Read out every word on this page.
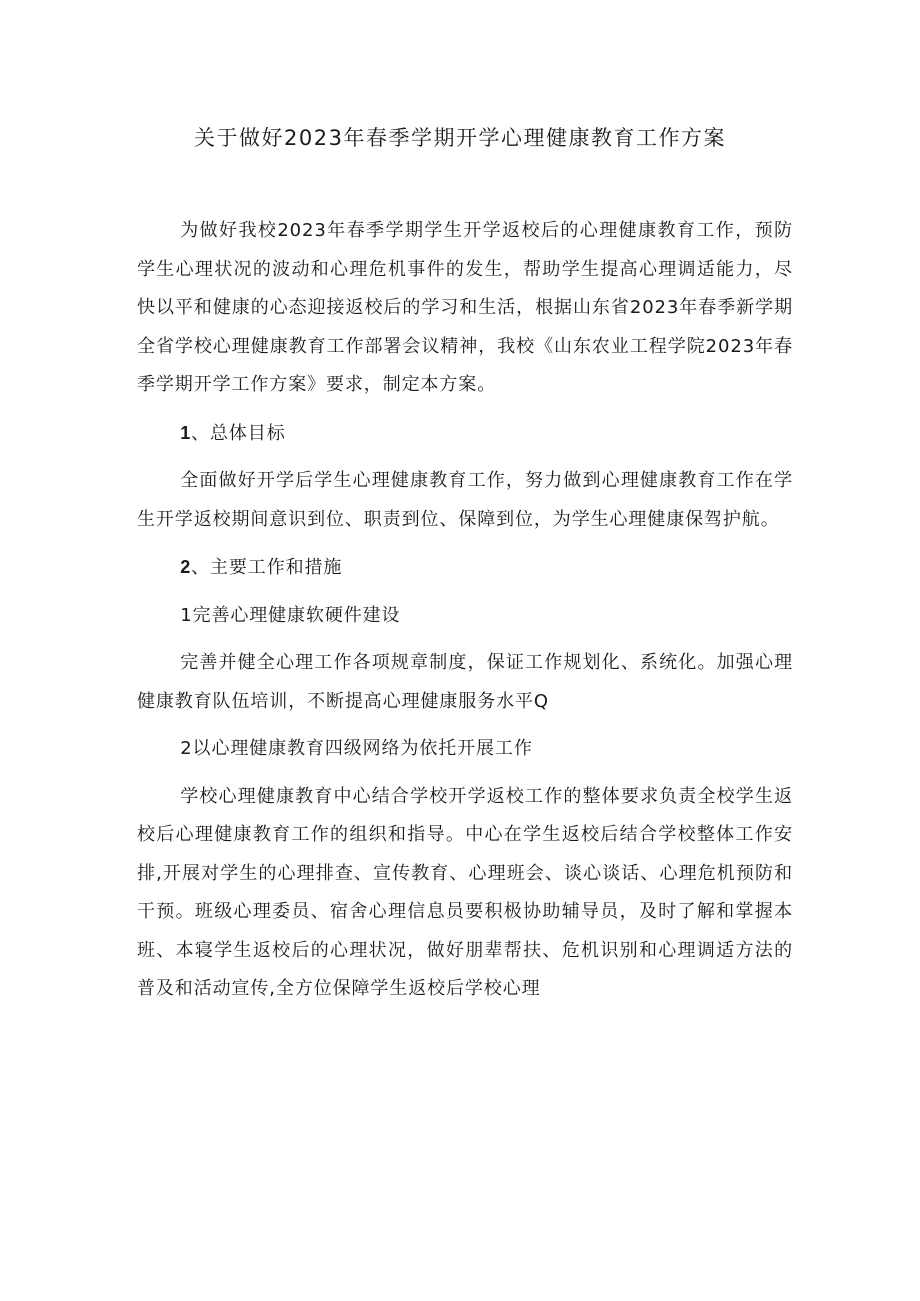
关于做好2023年春季学期开学心理健康教育工作方案

为做好我校2023年春季学期学生开学返校后的心理健康教育工作，预防学生心理状况的波动和心理危机事件的发生，帮助学生提高心理调适能力，尽快以平和健康的心态迎接返校后的学习和生活，根据山东省2023年春季新学期全省学校心理健康教育工作部署会议精神，我校《山东农业工程学院2023年春季学期开学工作方案》要求，制定本方案。

1、总体目标

全面做好开学后学生心理健康教育工作，努力做到心理健康教育工作在学生开学返校期间意识到位、职责到位、保障到位，为学生心理健康保驾护航。

2、主要工作和措施

1完善心理健康软硬件建设

完善并健全心理工作各项规章制度，保证工作规划化、系统化。加强心理健康教育队伍培训，不断提高心理健康服务水平Q

2以心理健康教育四级网络为依托开展工作

学校心理健康教育中心结合学校开学返校工作的整体要求负责全校学生返校后心理健康教育工作的组织和指导。中心在学生返校后结合学校整体工作安排,开展对学生的心理排查、宣传教育、心理班会、谈心谈话、心理危机预防和干预。班级心理委员、宿舍心理信息员要积极协助辅导员，及时了解和掌握本班、本寝学生返校后的心理状况，做好朋辈帮扶、危机识别和心理调适方法的普及和活动宣传,全方位保障学生返校后学校心理
